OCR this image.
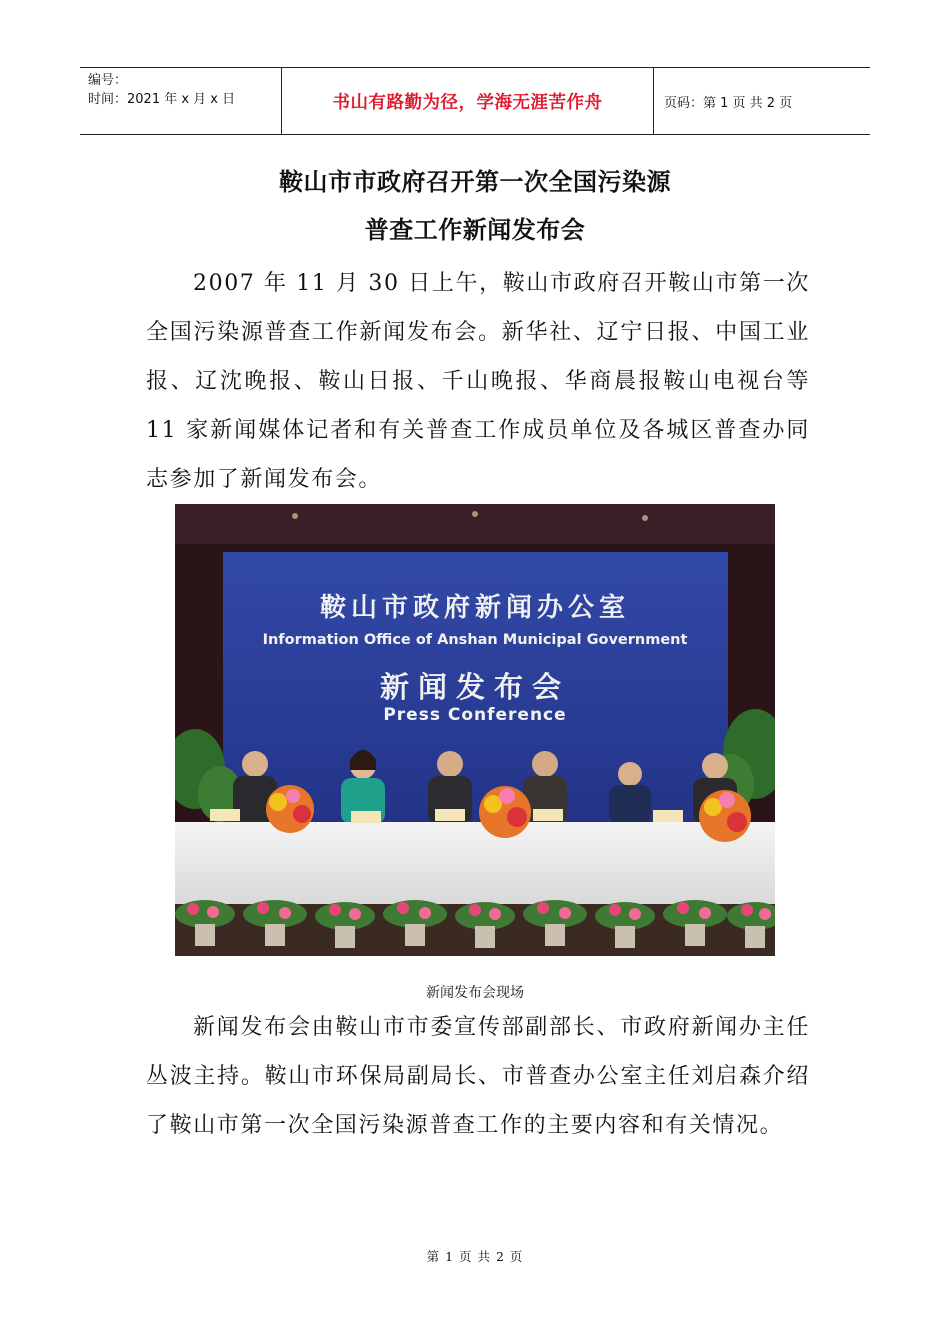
编号：
时间：2021 年 x 月 x 日	书山有路勤为径，学海无涯苦作舟	页码：第 1 页 共 2 页
鞍山市市政府召开第一次全国污染源
普查工作新闻发布会
2007 年 11 月 30 日上午，鞍山市政府召开鞍山市第一次全国污染源普查工作新闻发布会。新华社、辽宁日报、中国工业报、辽沈晚报、鞍山日报、千山晚报、华商晨报鞍山电视台等 11 家新闻媒体记者和有关普查工作成员单位及各城区普查办同志参加了新闻发布会。
鞍山市政府新闻办公室
Information Office of Anshan Municipal Government
新闻发布会
Press Conference
新闻发布会现场
新闻发布会由鞍山市市委宣传部副部长、市政府新闻办主任丛波主持。鞍山市环保局副局长、市普查办公室主任刘启森介绍了鞍山市第一次全国污染源普查工作的主要内容和有关情况。
第 1 页 共 2 页
